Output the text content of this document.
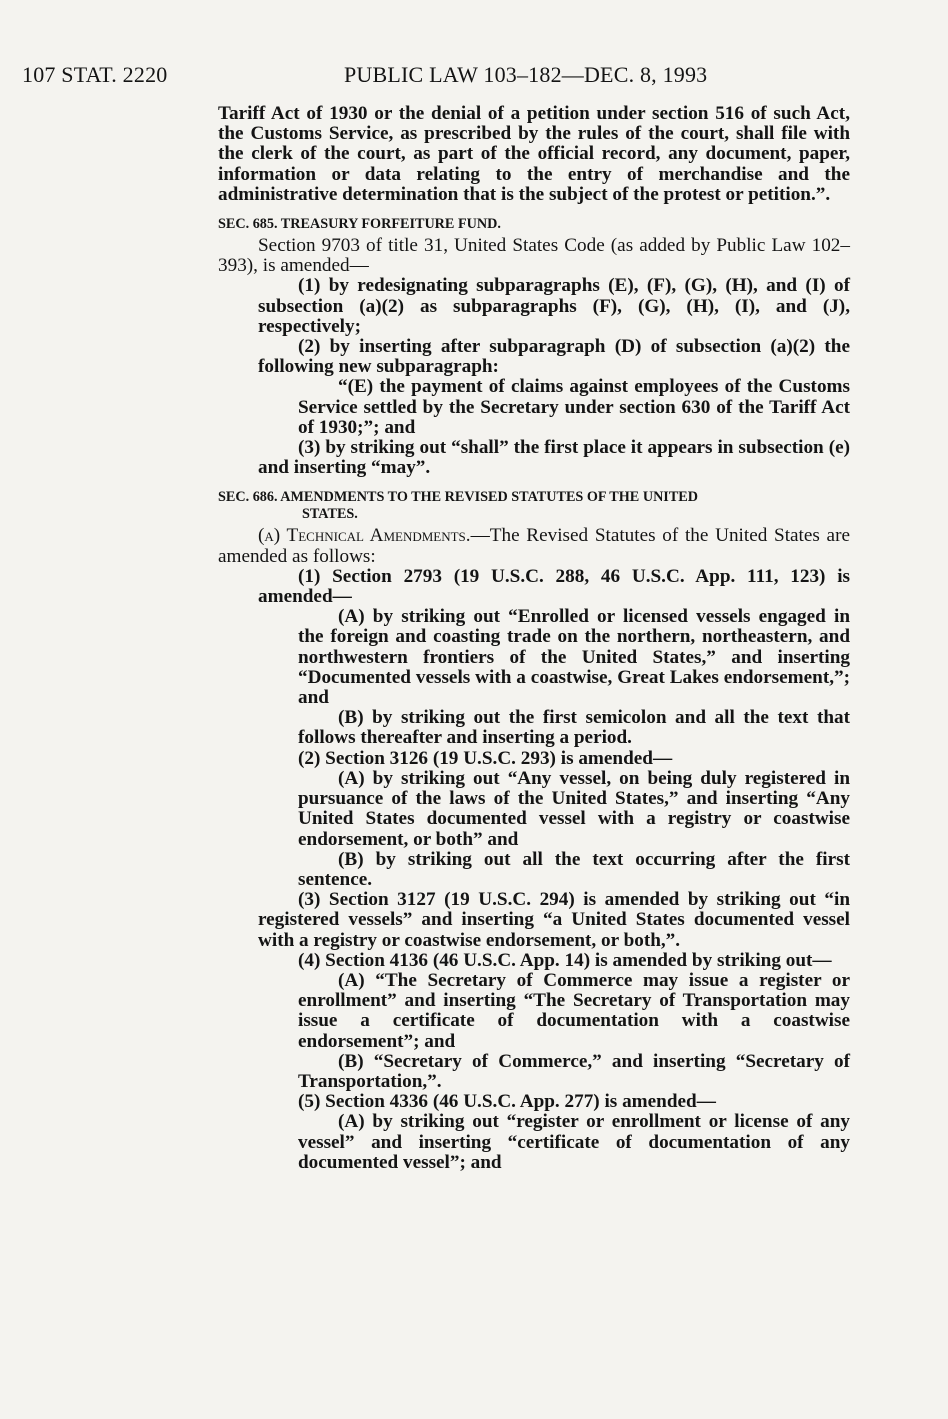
107 STAT. 2220	PUBLIC LAW 103–182—DEC. 8, 1993

Tariff Act of 1930 or the denial of a petition under section 516 of such Act, the Customs Service, as prescribed by the rules of the court, shall file with the clerk of the court, as part of the official record, any document, paper, information or data relating to the entry of merchandise and the administrative determination that is the subject of the protest or petition.”.

SEC. 685. TREASURY FORFEITURE FUND.

Section 9703 of title 31, United States Code (as added by Public Law 102–393), is amended—

(1) by redesignating subparagraphs (E), (F), (G), (H), and (I) of subsection (a)(2) as subparagraphs (F), (G), (H), (I), and (J), respectively;

(2) by inserting after subparagraph (D) of subsection (a)(2) the following new subparagraph:

“(E) the payment of claims against employees of the Customs Service settled by the Secretary under section 630 of the Tariff Act of 1930;”; and

(3) by striking out “shall” the first place it appears in subsection (e) and inserting “may”.

SEC. 686. AMENDMENTS TO THE REVISED STATUTES OF THE UNITED
STATES.

(a) Technical Amendments.—The Revised Statutes of the United States are amended as follows:

(1) Section 2793 (19 U.S.C. 288, 46 U.S.C. App. 111, 123) is amended—

(A) by striking out “Enrolled or licensed vessels engaged in the foreign and coasting trade on the northern, northeastern, and northwestern frontiers of the United States,” and inserting “Documented vessels with a coastwise, Great Lakes endorsement,”; and

(B) by striking out the first semicolon and all the text that follows thereafter and inserting a period.

(2) Section 3126 (19 U.S.C. 293) is amended—

(A) by striking out “Any vessel, on being duly registered in pursuance of the laws of the United States,” and inserting “Any United States documented vessel with a registry or coastwise endorsement, or both” and

(B) by striking out all the text occurring after the first sentence.

(3) Section 3127 (19 U.S.C. 294) is amended by striking out “in registered vessels” and inserting “a United States documented vessel with a registry or coastwise endorsement, or both,”.

(4) Section 4136 (46 U.S.C. App. 14) is amended by striking out—

(A) “The Secretary of Commerce may issue a register or enrollment” and inserting “The Secretary of Transportation may issue a certificate of documentation with a coastwise endorsement”; and

(B) “Secretary of Commerce,” and inserting “Secretary of Transportation,”.

(5) Section 4336 (46 U.S.C. App. 277) is amended—

(A) by striking out “register or enrollment or license of any vessel” and inserting “certificate of documentation of any documented vessel”; and
